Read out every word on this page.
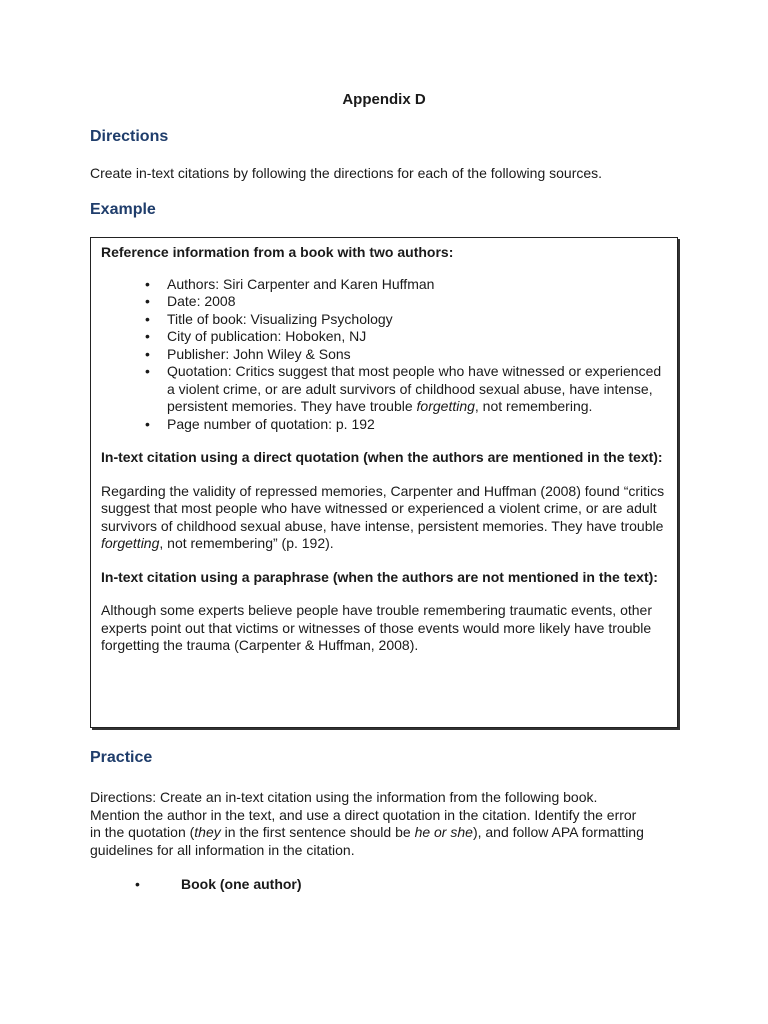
Appendix D
Directions

Create in-text citations by following the directions for each of the following sources.

Example

Reference information from a book with two authors:

• Authors: Siri Carpenter and Karen Huffman
• Date: 2008
• Title of book: Visualizing Psychology
• City of publication: Hoboken, NJ
• Publisher: John Wiley & Sons
• Quotation: Critics suggest that most people who have witnessed or experienced a violent crime, or are adult survivors of childhood sexual abuse, have intense, persistent memories. They have trouble forgetting, not remembering.
• Page number of quotation: p. 192

In-text citation using a direct quotation (when the authors are mentioned in the text):

Regarding the validity of repressed memories, Carpenter and Huffman (2008) found “critics suggest that most people who have witnessed or experienced a violent crime, or are adult survivors of childhood sexual abuse, have intense, persistent memories. They have trouble forgetting, not remembering” (p. 192).

In-text citation using a paraphrase (when the authors are not mentioned in the text):

Although some experts believe people have trouble remembering traumatic events, other experts point out that victims or witnesses of those events would more likely have trouble forgetting the trauma (Carpenter & Huffman, 2008).

Practice

Directions: Create an in-text citation using the information from the following book. Mention the author in the text, and use a direct quotation in the citation. Identify the error in the quotation (they in the first sentence should be he or she), and follow APA formatting guidelines for all information in the citation.

•	Book (one author)
